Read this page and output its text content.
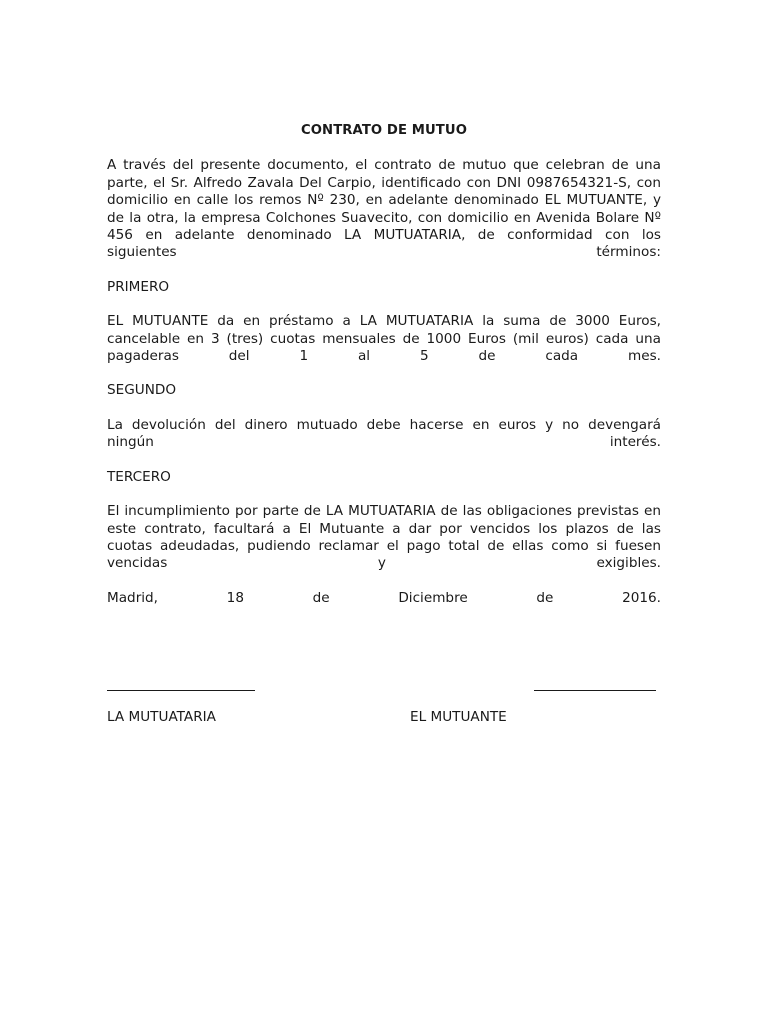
CONTRATO DE MUTUO
A través del presente documento, el contrato de mutuo que celebran de una parte, el Sr. Alfredo Zavala Del Carpio, identificado con DNI 0987654321-S, con domicilio en calle los remos Nº 230, en adelante denominado EL MUTUANTE, y de la otra, la empresa Colchones Suavecito, con domicilio en Avenida Bolare Nº 456 en adelante denominado LA MUTUATARIA, de conformidad con los siguientes términos:
PRIMERO
EL MUTUANTE da en préstamo a LA MUTUATARIA la suma de 3000 Euros, cancelable en 3 (tres) cuotas mensuales de 1000 Euros (mil euros) cada una pagaderas del 1 al 5 de cada mes.
SEGUNDO
La devolución del dinero mutuado debe hacerse en euros y no devengará ningún interés.
TERCERO
El incumplimiento por parte de LA MUTUATARIA de las obligaciones previstas en este contrato, facultará a El Mutuante a dar por vencidos los plazos de las cuotas adeudadas, pudiendo reclamar el pago total de ellas como si fuesen vencidas y exigibles.
Madrid, 18 de Diciembre de 2016.
LA MUTUATARIA	EL MUTUANTE
